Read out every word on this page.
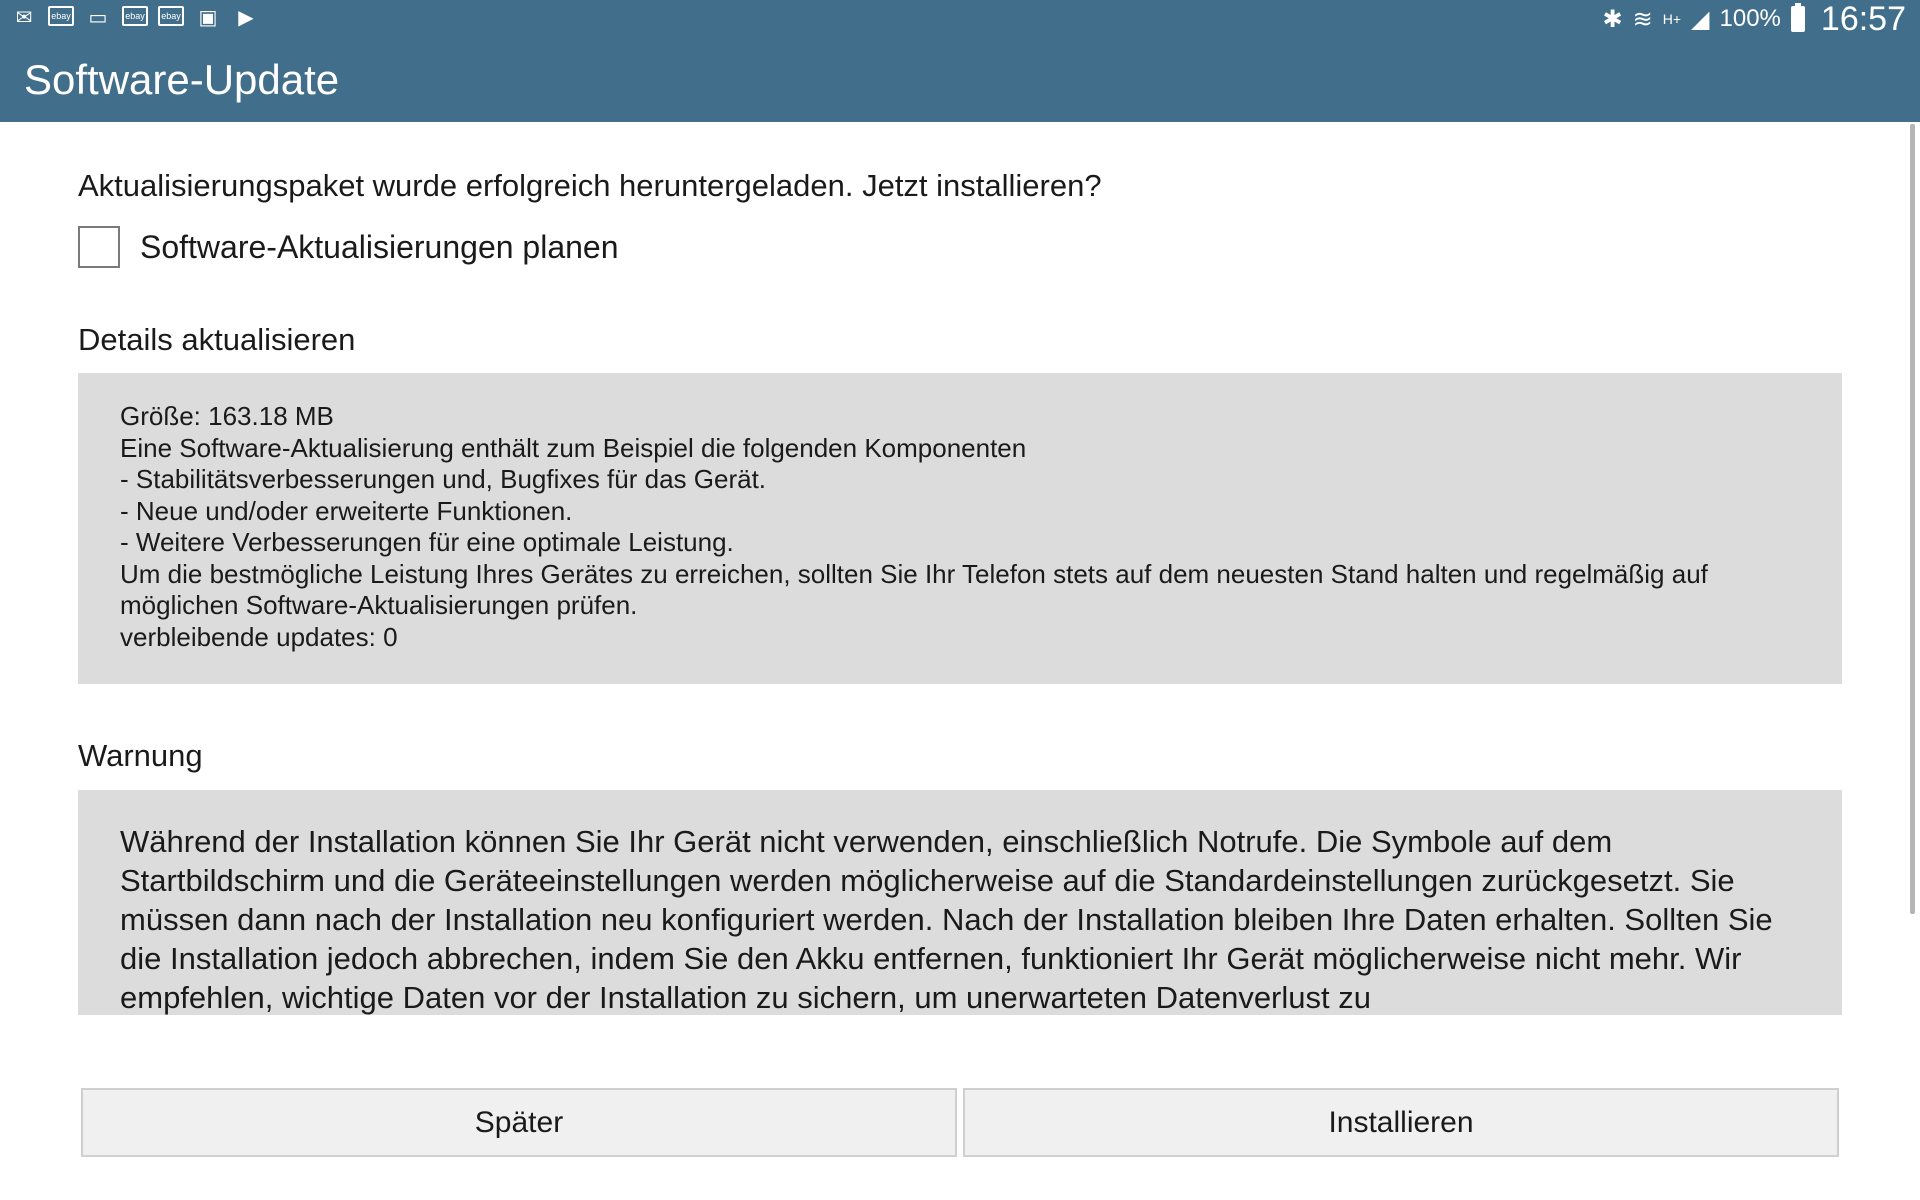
✉	ebay ▭	ebay	ebay ▣	▶	✱ ≋ H+ ◢ 100% 16:57
Software-Update
Aktualisierungspaket wurde erfolgreich heruntergeladen. Jetzt installieren?
Software-Aktualisierungen planen
Details aktualisieren
Größe: 163.18 MB
Eine Software-Aktualisierung enthält zum Beispiel die folgenden Komponenten
- Stabilitätsverbesserungen und, Bugfixes für das Gerät.
- Neue und/oder erweiterte Funktionen.
- Weitere Verbesserungen für eine optimale Leistung.
Um die bestmögliche Leistung Ihres Gerätes zu erreichen, sollten Sie Ihr Telefon stets auf dem neuesten Stand halten und regelmäßig auf
möglichen Software-Aktualisierungen prüfen.
verbleibende updates: 0
Warnung
Während der Installation können Sie Ihr Gerät nicht verwenden, einschließlich Notrufe. Die Symbole auf dem Startbildschirm und die Geräteeinstellungen werden möglicherweise auf die Standardeinstellungen zurückgesetzt. Sie müssen dann nach der Installation neu konfiguriert werden. Nach der Installation bleiben Ihre Daten erhalten. Sollten Sie die Installation jedoch abbrechen, indem Sie den Akku entfernen, funktioniert Ihr Gerät möglicherweise nicht mehr. Wir empfehlen, wichtige Daten vor der Installation zu sichern, um unerwarteten Datenverlust zu
Später	Installieren
